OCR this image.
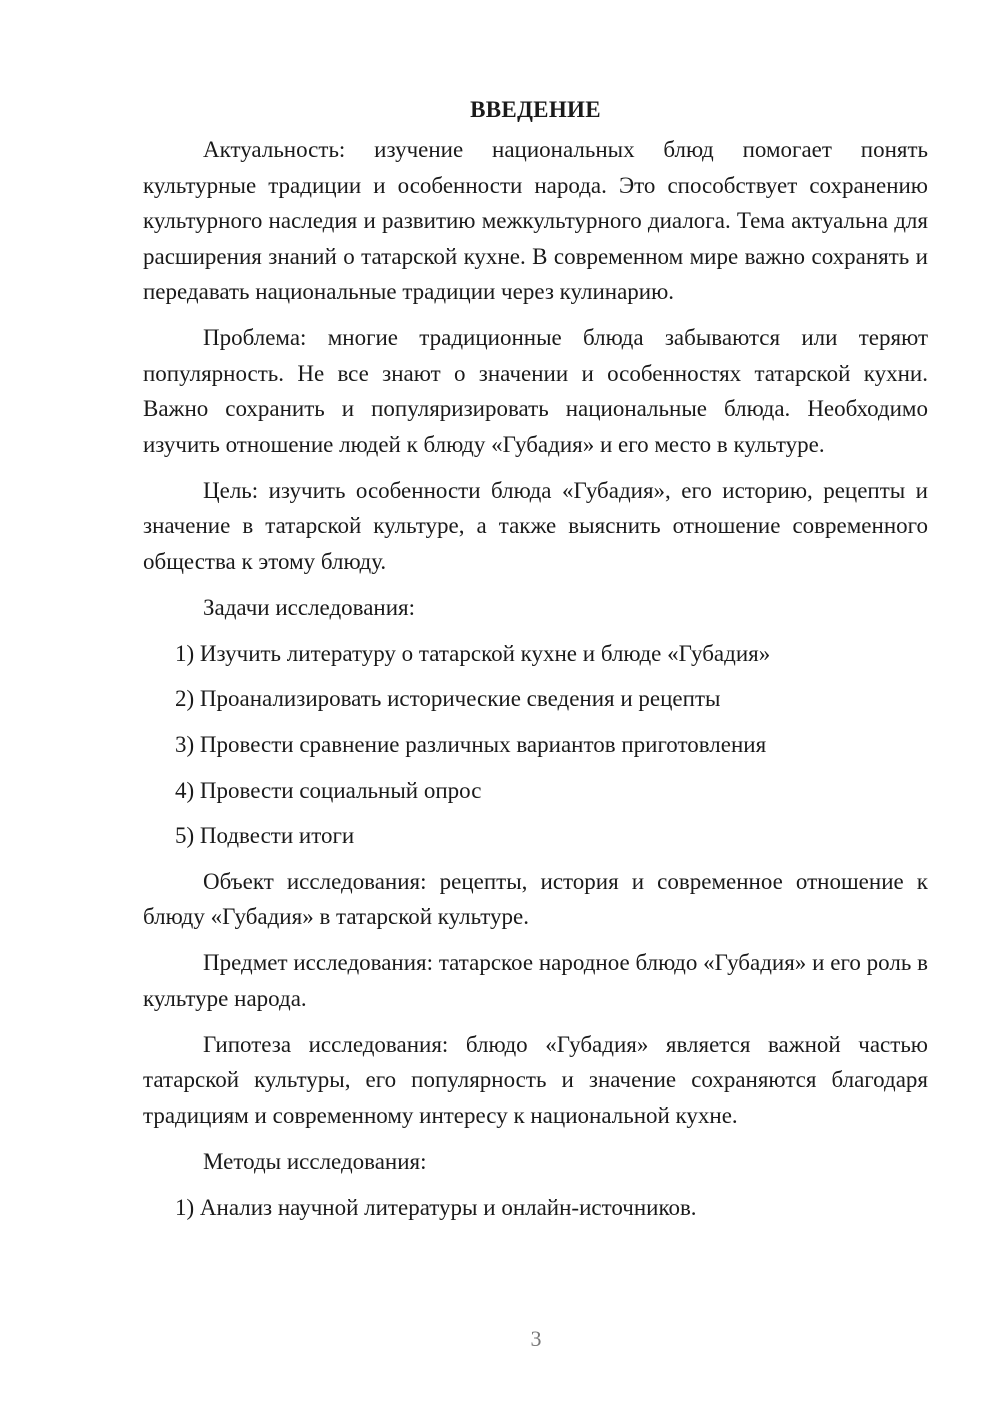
ВВЕДЕНИЕ

Актуальность: изучение национальных блюд помогает понять культурные традиции и особенности народа. Это способствует сохранению культурного наследия и развитию межкультурного диалога. Тема актуальна для расширения знаний о татарской кухне. В современном мире важно сохранять и передавать национальные традиции через кулинарию.

Проблема: многие традиционные блюда забываются или теряют популярность. Не все знают о значении и особенностях татарской кухни. Важно сохранить и популяризировать национальные блюда. Необходимо изучить отношение людей к блюду «Губадия» и его место в культуре.

Цель: изучить особенности блюда «Губадия», его историю, рецепты и значение в татарской культуре, а также выяснить отношение современного общества к этому блюду.

Задачи исследования:

1) Изучить литературу о татарской кухне и блюде «Губадия»
2) Проанализировать исторические сведения и рецепты
3) Провести сравнение различных вариантов приготовления
4) Провести социальный опрос
5) Подвести итоги

Объект исследования: рецепты, история и современное отношение к блюду «Губадия» в татарской культуре.

Предмет исследования: татарское народное блюдо «Губадия» и его роль в культуре народа.

Гипотеза исследования: блюдо «Губадия» является важной частью татарской культуры, его популярность и значение сохраняются благодаря традициям и современному интересу к национальной кухне.

Методы исследования:

1) Анализ научной литературы и онлайн-источников.
3
